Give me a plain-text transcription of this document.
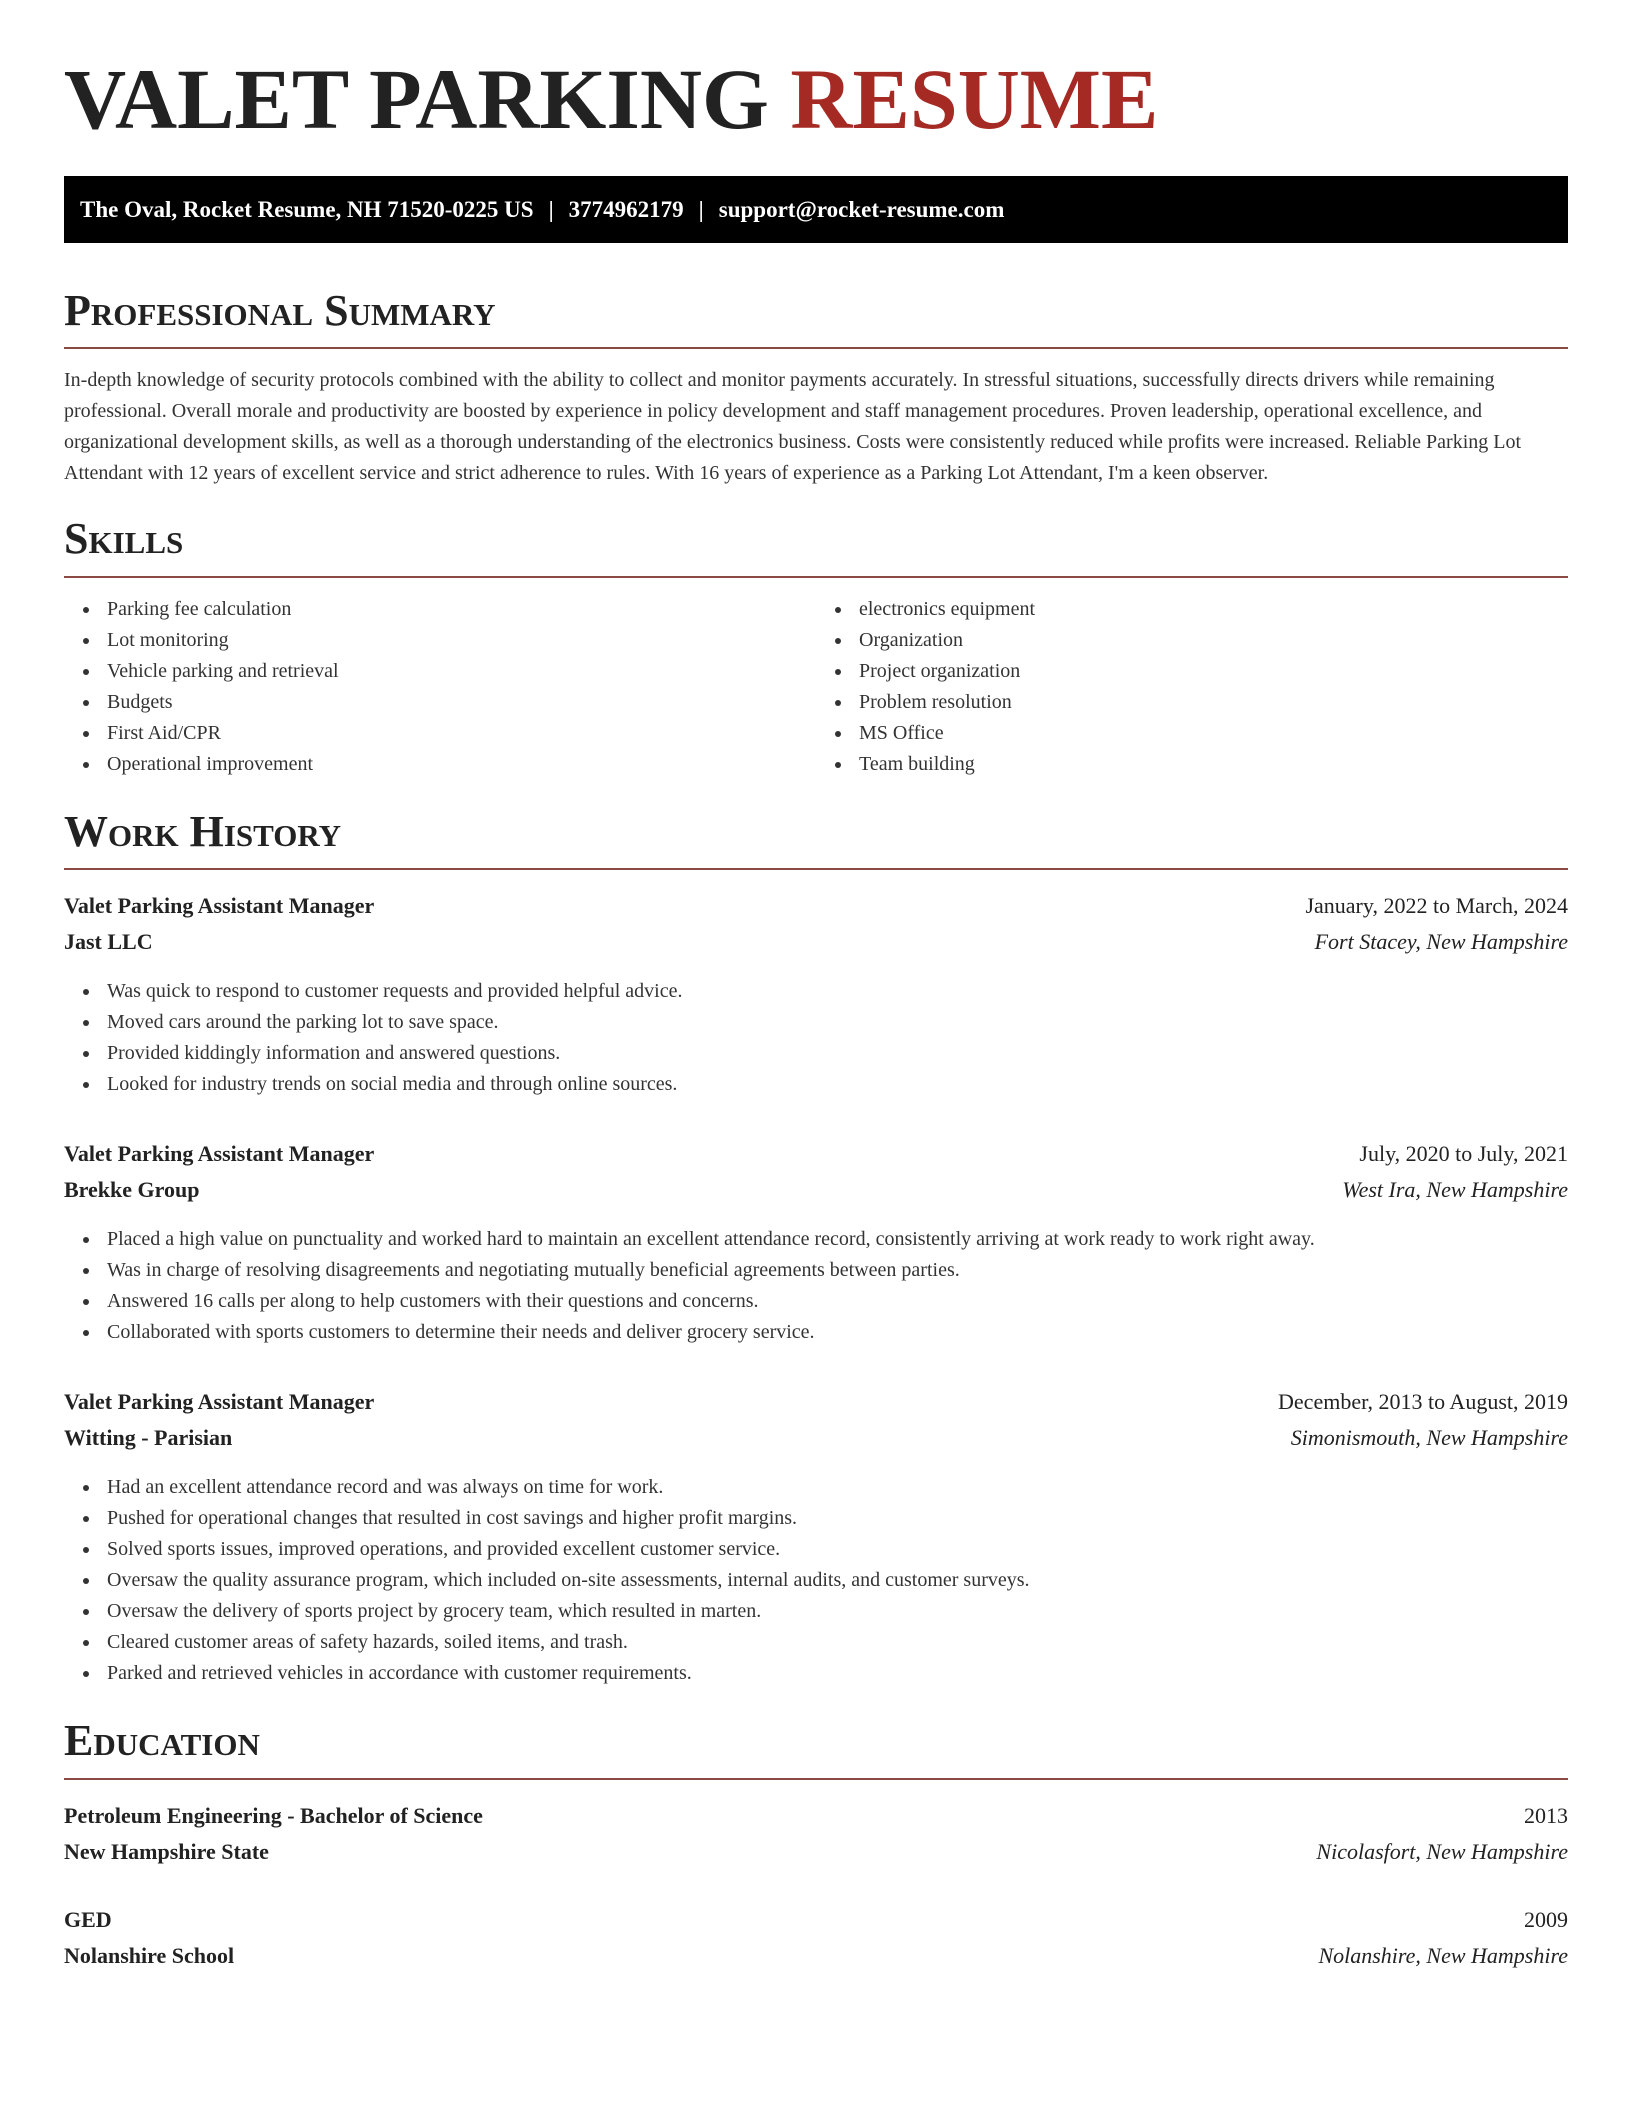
VALET PARKING RESUME
The Oval, Rocket Resume, NH 71520-0225 US | 3774962179 | support@rocket-resume.com
Professional Summary

In-depth knowledge of security protocols combined with the ability to collect and monitor payments accurately. In stressful situations, successfully directs drivers while remaining professional. Overall morale and productivity are boosted by experience in policy development and staff management procedures. Proven leadership, operational excellence, and organizational development skills, as well as a thorough understanding of the electronics business. Costs were consistently reduced while profits were increased. Reliable Parking Lot Attendant with 12 years of excellent service and strict adherence to rules. With 16 years of experience as a Parking Lot Attendant, I'm a keen observer.

Skills
Parking fee calculation
Lot monitoring
Vehicle parking and retrieval
Budgets
First Aid/CPR
Operational improvement
electronics equipment
Organization
Project organization
Problem resolution
MS Office
Team building
Work History
Valet Parking Assistant Manager	January, 2022 to March, 2024
Jast LLC	Fort Stacey, New Hampshire
Was quick to respond to customer requests and provided helpful advice.
Moved cars around the parking lot to save space.
Provided kiddingly information and answered questions.
Looked for industry trends on social media and through online sources.
Valet Parking Assistant Manager	July, 2020 to July, 2021
Brekke Group	West Ira, New Hampshire
Placed a high value on punctuality and worked hard to maintain an excellent attendance record, consistently arriving at work ready to work right away.
Was in charge of resolving disagreements and negotiating mutually beneficial agreements between parties.
Answered 16 calls per along to help customers with their questions and concerns.
Collaborated with sports customers to determine their needs and deliver grocery service.
Valet Parking Assistant Manager	December, 2013 to August, 2019
Witting - Parisian	Simonismouth, New Hampshire
Had an excellent attendance record and was always on time for work.
Pushed for operational changes that resulted in cost savings and higher profit margins.
Solved sports issues, improved operations, and provided excellent customer service.
Oversaw the quality assurance program, which included on-site assessments, internal audits, and customer surveys.
Oversaw the delivery of sports project by grocery team, which resulted in marten.
Cleared customer areas of safety hazards, soiled items, and trash.
Parked and retrieved vehicles in accordance with customer requirements.
Education
Petroleum Engineering - Bachelor of Science	2013
New Hampshire State	Nicolasfort, New Hampshire
GED	2009
Nolanshire School	Nolanshire, New Hampshire
